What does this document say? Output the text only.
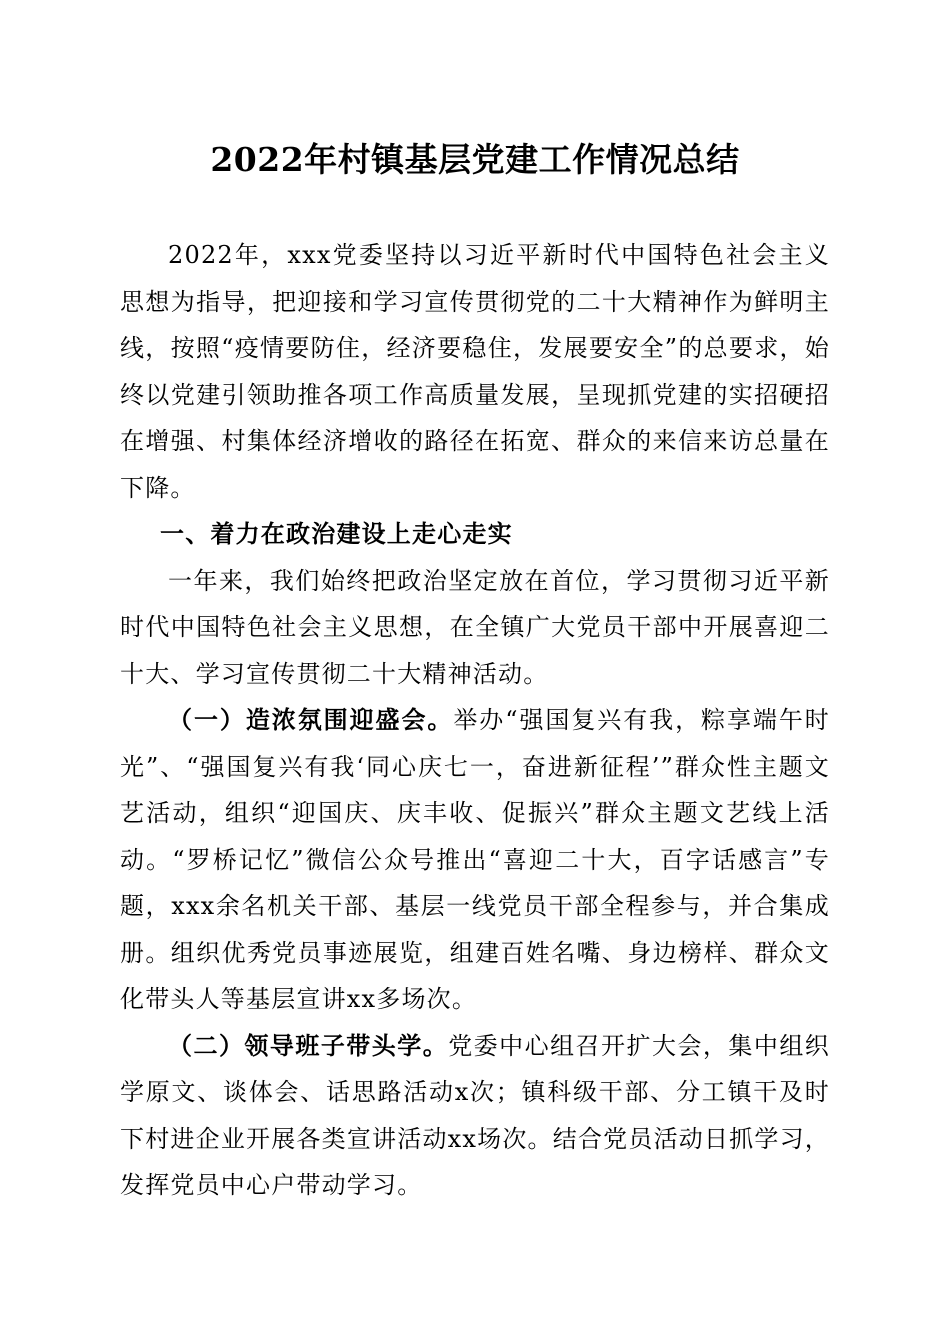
2022年村镇基层党建工作情况总结

2022年，xxx党委坚持以习近平新时代中国特色社会主义思想为指导，把迎接和学习宣传贯彻党的二十大精神作为鲜明主线，按照“疫情要防住，经济要稳住，发展要安全”的总要求，始终以党建引领助推各项工作高质量发展，呈现抓党建的实招硬招在增强、村集体经济增收的路径在拓宽、群众的来信来访总量在下降。

一、着力在政治建设上走心走实

一年来，我们始终把政治坚定放在首位，学习贯彻习近平新时代中国特色社会主义思想，在全镇广大党员干部中开展喜迎二十大、学习宣传贯彻二十大精神活动。

（一）造浓氛围迎盛会。举办“强国复兴有我，粽享端午时光”、“强国复兴有我‘同心庆七一，奋进新征程’”群众性主题文艺活动，组织“迎国庆、庆丰收、促振兴”群众主题文艺线上活动。“罗桥记忆”微信公众号推出“喜迎二十大，百字话感言”专题，xxx余名机关干部、基层一线党员干部全程参与，并合集成册。组织优秀党员事迹展览，组建百姓名嘴、身边榜样、群众文化带头人等基层宣讲xx多场次。

（二）领导班子带头学。党委中心组召开扩大会，集中组织学原文、谈体会、话思路活动x次；镇科级干部、分工镇干及时下村进企业开展各类宣讲活动xx场次。结合党员活动日抓学习，发挥党员中心户带动学习。
